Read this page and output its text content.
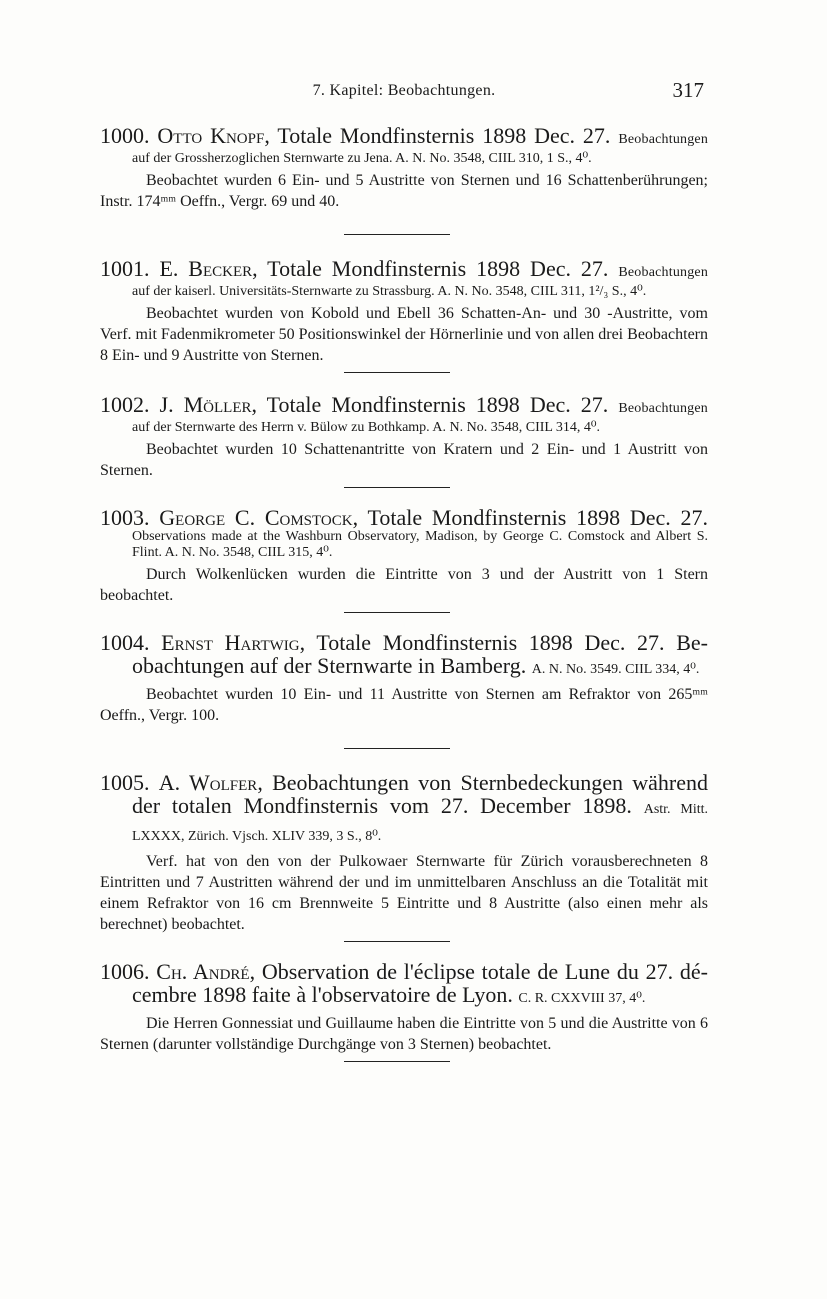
7. Kapitel: Beobachtungen.	317

1000. Otto Knopf, Totale Mondfinsternis 1898 Dec. 27. Beobachtungen

auf der Grossherzoglichen Sternwarte zu Jena. A. N. No. 3548, CIIL 310, 1 S., 4⁰.
Beobachtet wurden 6 Ein- und 5 Austritte von Sternen und 16 Schattenberührungen; Instr. 174ᵐᵐ Oeffn., Vergr. 69 und 40.

1001. E. Becker, Totale Mondfinsternis 1898 Dec. 27. Beobachtungen

auf der kaiserl. Universitäts-Sternwarte zu Strassburg. A. N. No. 3548, CIIL 311, 1²/₃ S., 4⁰.
Beobachtet wurden von Kobold und Ebell 36 Schatten-An- und 30 -Austritte, vom Verf. mit Fadenmikrometer 50 Positionswinkel der Hörnerlinie und von allen drei Beobachtern 8 Ein- und 9 Austritte von Sternen.

1002. J. Möller, Totale Mondfinsternis 1898 Dec. 27. Beobachtungen

auf der Sternwarte des Herrn v. Bülow zu Bothkamp. A. N. No. 3548, CIIL 314, 4⁰.
Beobachtet wurden 10 Schattenantritte von Kratern und 2 Ein- und 1 Austritt von Sternen.

1003. George C. Comstock, Totale Mondfinsternis 1898 Dec. 27.

Observations made at the Washburn Observatory, Madison, by George C. Comstock and Albert S. Flint. A. N. No. 3548, CIIL 315, 4⁰.
Durch Wolkenlücken wurden die Eintritte von 3 und der Austritt von 1 Stern beobachtet.

1004. Ernst Hartwig, Totale Mondfinsternis 1898 Dec. 27. Be-

obachtungen auf der Sternwarte in Bamberg. A. N. No. 3549. CIIL 334, 4⁰.
Beobachtet wurden 10 Ein- und 11 Austritte von Sternen am Refraktor von 265ᵐᵐ Oeffn., Vergr. 100.

1005. A. Wolfer, Beobachtungen von Sternbedeckungen während

der totalen Mondfinsternis vom 27. December 1898. Astr. Mitt. LXXXX, Zürich. Vjsch. XLIV 339, 3 S., 8⁰.
Verf. hat von den von der Pulkowaer Sternwarte für Zürich vorausberechneten 8 Eintritten und 7 Austritten während der und im unmittelbaren Anschluss an die Totalität mit einem Refraktor von 16 cm Brennweite 5 Eintritte und 8 Austritte (also einen mehr als berechnet) beobachtet.

1006. Ch. André, Observation de l'éclipse totale de Lune du 27. dé-

cembre 1898 faite à l'observatoire de Lyon. C. R. CXXVIII 37, 4⁰.
Die Herren Gonnessiat und Guillaume haben die Eintritte von 5 und die Austritte von 6 Sternen (darunter vollständige Durchgänge von 3 Sternen) beobachtet.
